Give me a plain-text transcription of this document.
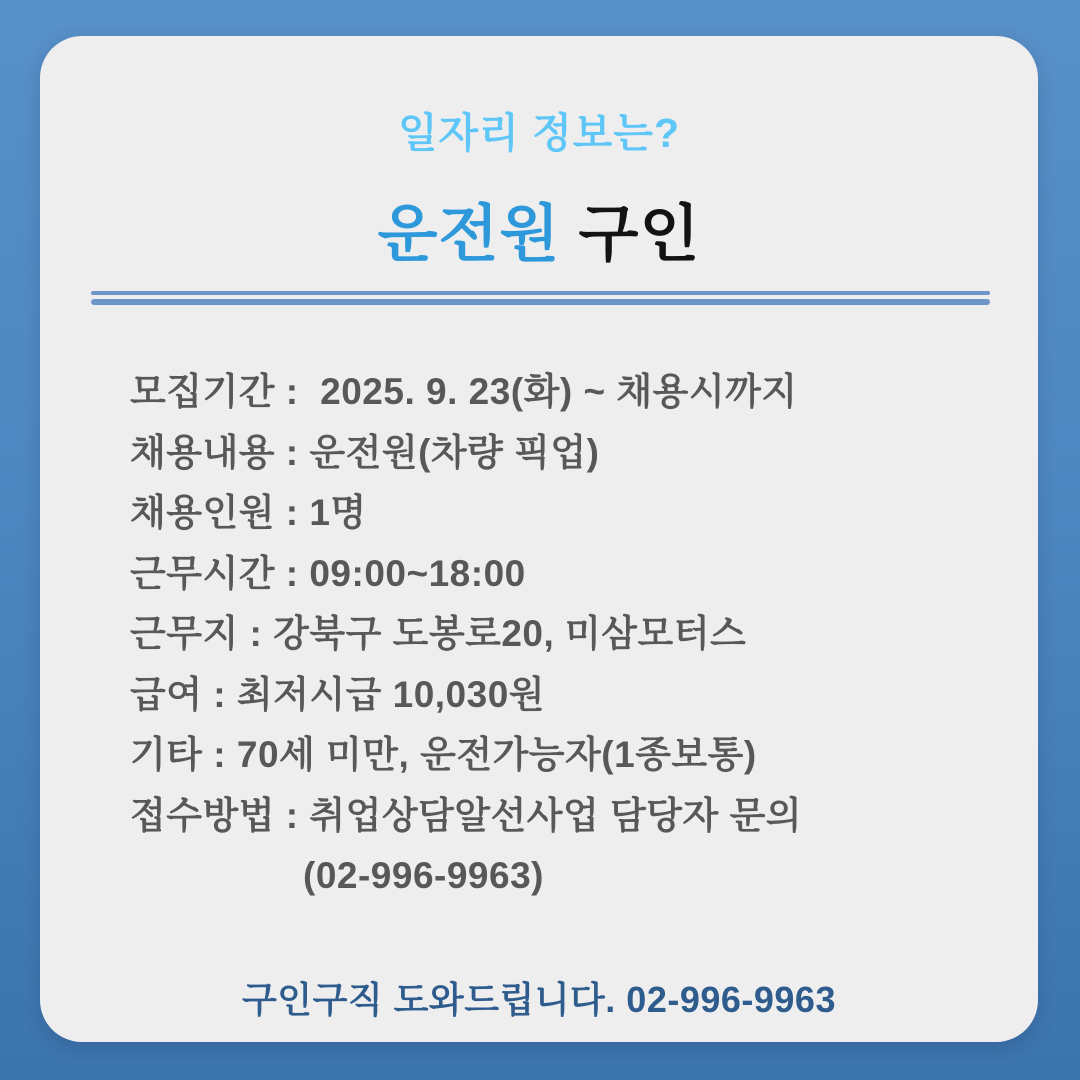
일자리 정보는?
운전원 구인
모집기간 :  2025. 9. 23(화) ~ 채용시까지
채용내용 : 운전원(차량 픽업)
채용인원 : 1명
근무시간 : 09:00~18:00
근무지 : 강북구 도봉로20, 미삼모터스
급여 : 최저시급 10,030원
기타 : 70세 미만, 운전가능자(1종보통)
접수방법 : 취업상담알선사업 담당자 문의
(02-996-9963)
구인구직 도와드립니다. 02-996-9963
